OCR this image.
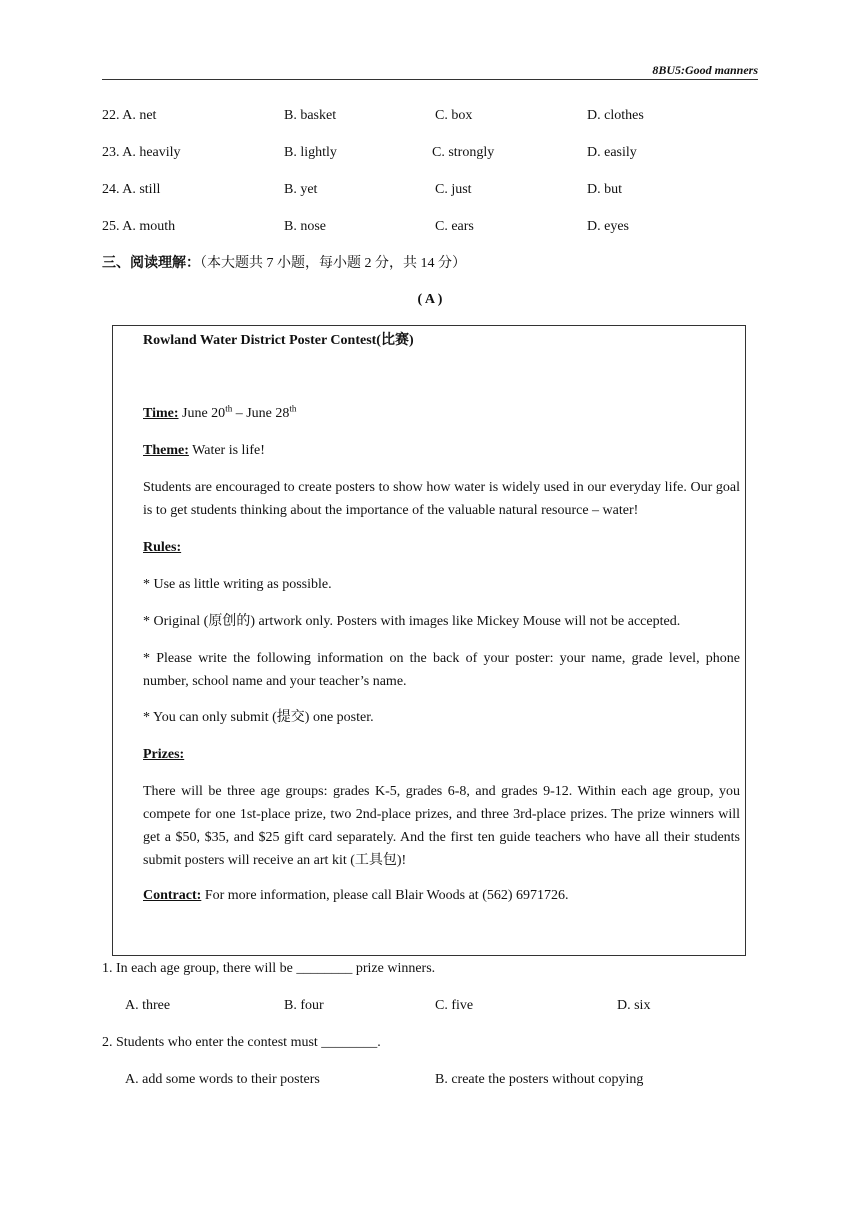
8BU5:Good manners
22. A. net	B. basket	C. box	D. clothes
23. A. heavily	B. lightly	C. strongly	D. easily
24. A. still	B. yet	C. just	D. but
25. A. mouth	B. nose	C. ears	D. eyes
三、阅读理解：（本大题共 7 小题，每小题 2 分，共 14 分）
( A )

Rowland Water District Poster Contest(比赛)

Time: June 20th – June 28th

Theme: Water is life!

Students are encouraged to create posters to show how water is widely used in our everyday life. Our goal is to get students thinking about the importance of the valuable natural resource – water!

Rules:

* Use as little writing as possible.

* Original (原创的) artwork only. Posters with images like Mickey Mouse will not be accepted.

* Please write the following information on the back of your poster: your name, grade level, phone number, school name and your teacher’s name.

* You can only submit (提交) one poster.

Prizes:

There will be three age groups: grades K-5, grades 6-8, and grades 9-12. Within each age group, you compete for one 1st-place prize, two 2nd-place prizes, and three 3rd-place prizes. The prize winners will get a $50, $35, and $25 gift card separately. And the first ten guide teachers who have all their students submit posters will receive an art kit (工具包)!

Contract: For more information, please call Blair Woods at (562) 6971726.

1. In each age group, there will be ________ prize winners.
A. three	B. four	C. five	D. six
2. Students who enter the contest must ________.
A. add some words to their posters	B. create the posters without copying
